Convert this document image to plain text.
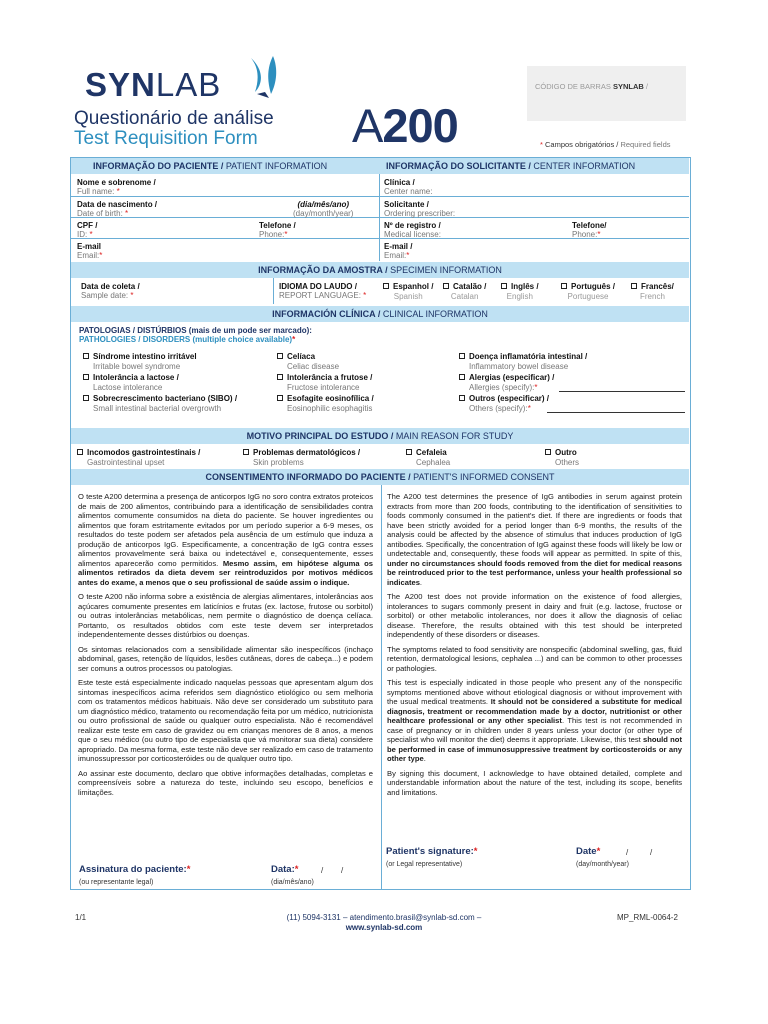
SYNLAB
Questionário de análise
Test Requisition Form A200
CÓDIGO DE BARRAS SYNLAB /
* Campos obrigatórios / Required fields
INFORMAÇÃO DO PACIENTE / PATIENT INFORMATION	INFORMAÇÃO DO SOLICITANTE / CENTER INFORMATION
Nome e sobrenome /
Full name: *
Data de nascimento /
Date of birth: *
(dia/mês/ano)
(day/month/year)
CPF /
ID: *
Telefone /
Phone:*
E-mail
Email:*
Clínica /
Center name:
Solicitante /
Ordering prescriber:
Nº de registro /
Medical license:
Telefone/
Phone:*
E-mail /
Email:*
INFORMAÇÃO DA AMOSTRA / SPECIMEN INFORMATION
Data de coleta /
Sample date: *
IDIOMA DO LAUDO /
REPORT LANGUAGE: *
Espanhol /
Spanish
Catalão /
Catalan
Inglês /
English
Português /
Portuguese
Francês/
French
INFORMACIÓN CLÍNICA / CLINICAL INFORMATION
PATOLOGIAS / DISTÚRBIOS (mais de um pode ser marcado):
PATHOLOGIES / DISORDERS (multiple choice available)*
Síndrome intestino irritável
Irritable bowel syndrome
Celíaca
Celiac disease
Doença inflamatória intestinal /
Inflammatory bowel disease
Intolerância a lactose /
Lactose intolerance
Intolerância a frutose /
Fructose intolerance
Alergias (especificar) /
Allergies (specify):*
Sobrecrescimento bacteriano (SIBO) /
Small intestinal bacterial overgrowth
Esofagite eosinofílica /
Eosinophilic esophagitis
Outros (especificar) /
Others (specify):*
MOTIVO PRINCIPAL DO ESTUDO / MAIN REASON FOR STUDY
Incomodos gastrointestinais /
Gastrointestinal upset
Problemas dermatológicos /
Skin problems
Cefaleia
Cephalea
Outro
Others
CONSENTIMENTO INFORMADO DO PACIENTE / PATIENT'S INFORMED CONSENT

O teste A200 determina a presença de anticorpos IgG no soro contra extratos proteicos de mais de 200 alimentos, contribuindo para a identificação de sensibilidades contra alimentos comumente consumidos na dieta do paciente. Se houver ingredientes ou alimentos que foram estritamente evitados por um período superior a 6-9 meses, os resultados do teste podem ser afetados pela ausência de um estímulo que induza a produção de anticorpos IgG. Especificamente, a concentração de IgG contra esses alimentos provavelmente será baixa ou indetectável e, consequentemente, esses alimentos aparecerão como permitidos. Mesmo assim, em hipótese alguma os alimentos retirados da dieta devem ser reintroduzidos por motivos médicos antes do exame, a menos que o seu profissional de saúde assim o indique.

O teste A200 não informa sobre a existência de alergias alimentares, intolerâncias aos açúcares comumente presentes em laticínios e frutas (ex. lactose, frutose ou sorbitol) ou outras intolerâncias metabólicas, nem permite o diagnóstico de doença celíaca. Portanto, os resultados obtidos com este teste devem ser interpretados independentemente desses distúrbios ou doenças.

Os sintomas relacionados com a sensibilidade alimentar são inespecíficos (inchaço abdominal, gases, retenção de líquidos, lesões cutâneas, dores de cabeça...) e podem ser comuns a outros processos ou patologias.

Este teste está especialmente indicado naquelas pessoas que apresentam algum dos sintomas inespecíficos acima referidos sem diagnóstico etiológico ou sem melhoria com os tratamentos médicos habituais. Não deve ser considerado um substituto para um diagnóstico médico, tratamento ou recomendação feita por um médico, nutricionista ou outro profissional de saúde ou qualquer outro especialista. Não é recomendável realizar este teste em caso de gravidez ou em crianças menores de 8 anos, a menos que o seu médico (ou outro tipo de especialista que vá monitorar sua dieta) considere apropriado. Da mesma forma, este teste não deve ser realizado em caso de tratamento imunossupressor por corticosteróides ou de qualquer outro tipo.

Ao assinar este documento, declaro que obtive informações detalhadas, completas e compreensíveis sobre a natureza do teste, incluindo seu escopo, benefícios e limitações.

The A200 test determines the presence of IgG antibodies in serum against protein extracts from more than 200 foods, contributing to the identification of sensitivities to foods commonly consumed in the patient's diet. If there are ingredients or foods that have been strictly avoided for a period longer than 6-9 months, the results of the analysis could be affected by the absence of stimulus that induces production of IgG antibodies. Specifically, the concentration of IgG against these foods will likely be low or undetectable and, consequently, these foods will appear as permitted. In spite of this, under no circumstances should foods removed from the diet for medical reasons be reintroduced prior to the test performance, unless your health professional so indicates.

The A200 test does not provide information on the existence of food allergies, intolerances to sugars commonly present in dairy and fruit (e.g. lactose, fructose or sorbitol) or other metabolic intolerances, nor does it allow the diagnosis of celiac disease. Therefore, the results obtained with this test should be interpreted independently of these disorders or diseases.

The symptoms related to food sensitivity are nonspecific (abdominal swelling, gas, fluid retention, dermatological lesions, cephalea ...) and can be common to other processes or pathologies.

This test is especially indicated in those people who present any of the nonspecific symptoms mentioned above without etiological diagnosis or without improvement with the usual medical treatments. It should not be considered a substitute for medical diagnosis, treatment or recommendation made by a doctor, nutritionist or other healthcare professional or any other specialist. This test is not recommended in case of pregnancy or in children under 8 years unless your doctor (or other type of specialist who will monitor the diet) deems it appropriate. Likewise, this test should not be performed in case of immunosuppressive treatment by corticosteroids or any other type.

By signing this document, I acknowledge to have obtained detailed, complete and understandable information about the nature of the test, including its scope, benefits and limitations.

Assinatura do paciente:*
(ou representante legal)
Data:*
(dia/mês/ano)
/ /
Patient's signature:*
(or Legal representative)
Date*
(day/month/year)
/	/
1/1	(11) 5094-3131 – atendimento.brasil@synlab-sd.com –
www.synlab-sd.com
MP_RML-0064-2
